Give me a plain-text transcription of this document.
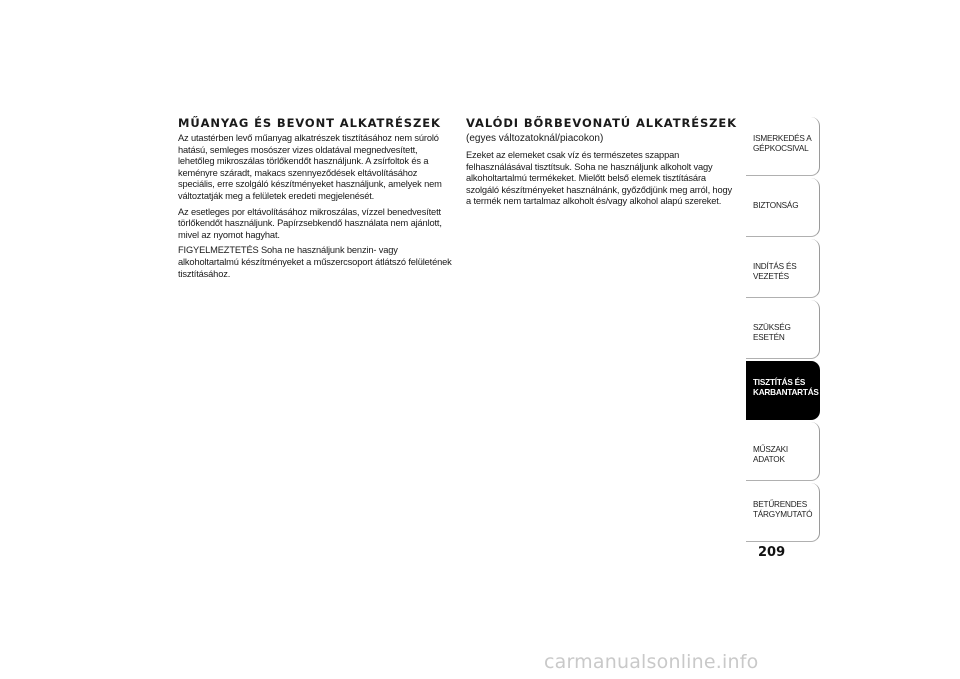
MŰANYAG ÉS BEVONT ALKATRÉSZEK

Az utastérben levő műanyag alkatrészek tisztításához nem súroló hatású, semleges mosószer vizes oldatával megnedvesített, lehetőleg mikroszálas törlőkendőt használjunk. A zsírfoltok és a keményre száradt, makacs szennyeződések eltávolításához speciális, erre szolgáló készítményeket használjunk, amelyek nem változtatják meg a felületek eredeti megjelenését.

Az esetleges por eltávolításához mikroszálas, vízzel benedvesített törlőkendőt használjunk. Papírzsebkendő használata nem ajánlott, mivel az nyomot hagyhat.

FIGYELMEZTETÉS Soha ne használjunk benzin- vagy alkoholtartalmú készítményeket a műszercsoport átlátszó felületének tisztításához.

VALÓDI BŐRBEVONATÚ ALKATRÉSZEK
(egyes változatoknál/piacokon)

Ezeket az elemeket csak víz és természetes szappan felhasználásával tisztítsuk. Soha ne használjunk alkoholt vagy alkoholtartalmú termékeket. Mielőtt belső elemek tisztítására szolgáló készítményeket használnánk, győződjünk meg arról, hogy a termék nem tartalmaz alkoholt és/vagy alkohol alapú szereket.

ISMERKEDÉS A
GÉPKOCSIVAL
BIZTONSÁG
INDÍTÁS ÉS VEZETÉS
SZÜKSÉG ESETÉN
TISZTÍTÁS ÉS
KARBANTARTÁS
MŰSZAKI ADATOK
BETŰRENDES
TÁRGYMUTATÓ
209
carmanualsonline.info
